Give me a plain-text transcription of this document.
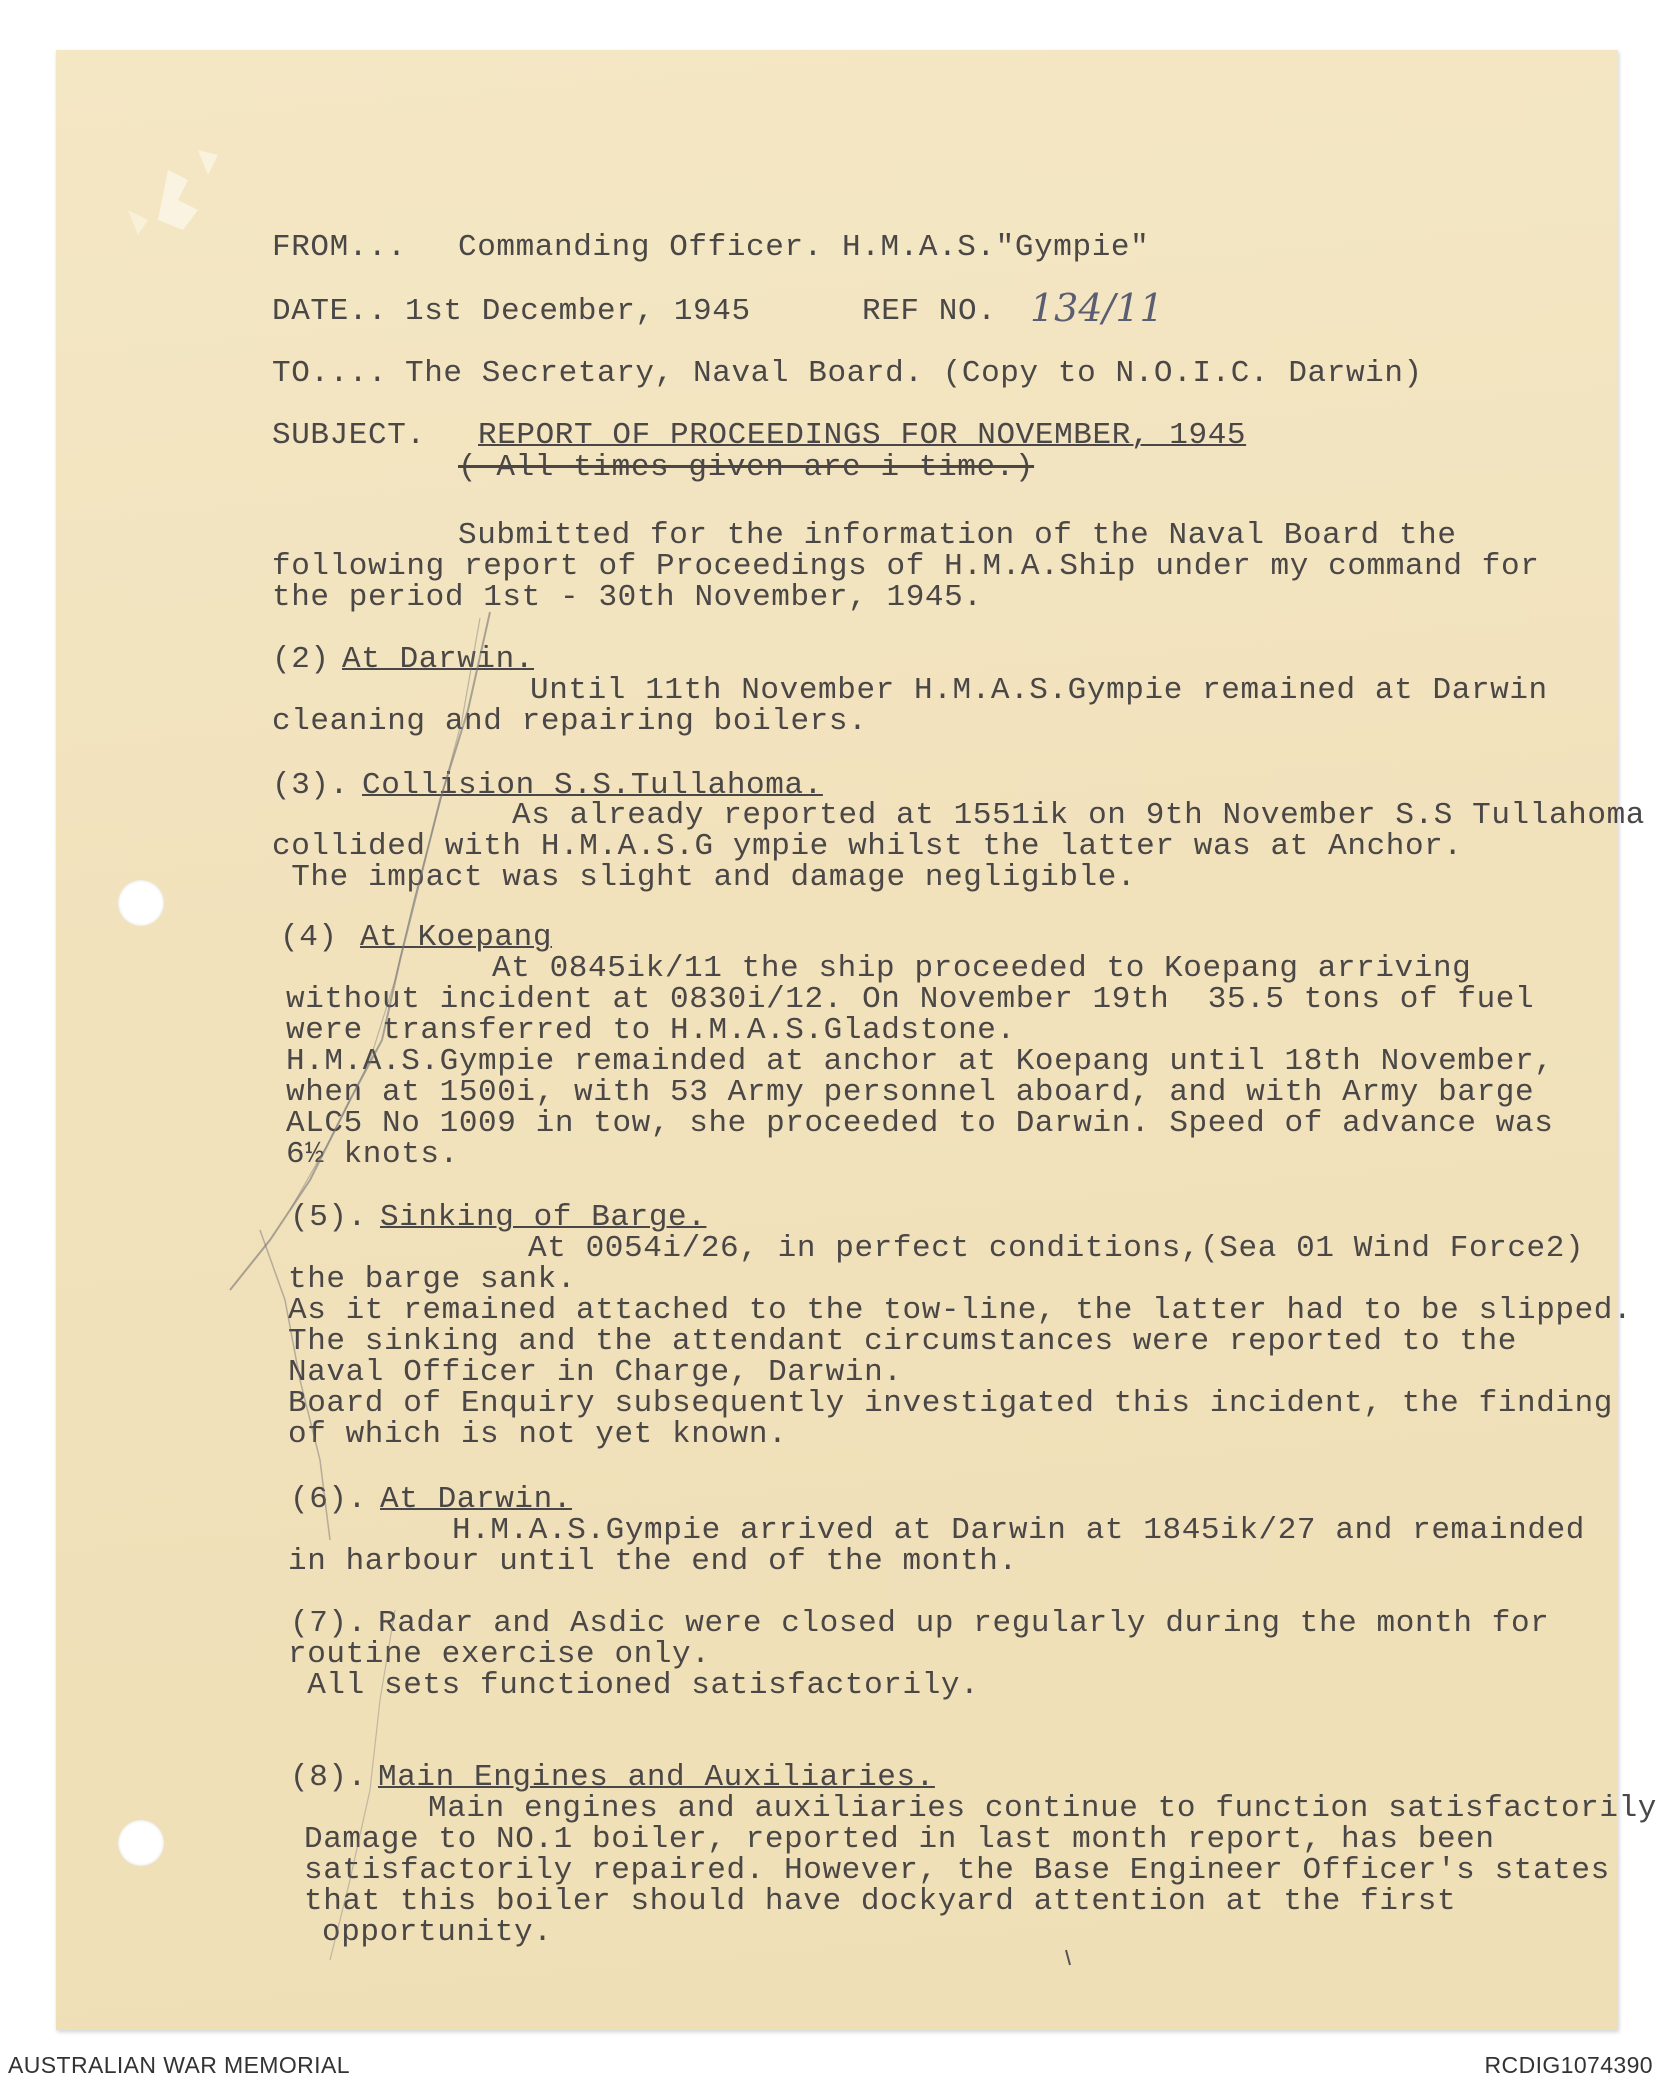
FROM... Commanding Officer. H.M.A.S."Gympie"
DATE.. 1st December, 1945	REF NO. 134/11
TO.... The Secretary, Naval Board. (Copy to N.O.I.C. Darwin)
SUBJECT. REPORT OF PROCEEDINGS FOR NOVEMBER, 1945
( All times given are i time.)
Submitted for the information of the Naval Board the
following report of Proceedings of H.M.A.Ship under my command for
the period 1st - 30th November, 1945.
(2) At Darwin.
Until 11th November H.M.A.S.Gympie remained at Darwin
cleaning and repairing boilers.
(3). Collision S.S.Tullahoma.
As already reported at 1551ik on 9th November S.S Tullahoma
collided with H.M.A.S.G ympie whilst the latter was at Anchor.
The impact was slight and damage negligible.
(4) At Koepang
At 0845ik/11 the ship proceeded to Koepang arriving
without incident at 0830i/12. On November 19th  35.5 tons of fuel
were transferred to H.M.A.S.Gladstone.
H.M.A.S.Gympie remainded at anchor at Koepang until 18th November,
when at 1500i, with 53 Army personnel aboard, and with Army barge
ALC5 No 1009 in tow, she proceeded to Darwin. Speed of advance was
6½ knots.
(5). Sinking of Barge.
At 0054i/26, in perfect conditions,(Sea 01 Wind Force2)
the barge sank.
As it remained attached to the tow-line, the latter had to be slipped.
The sinking and the attendant circumstances were reported to the
Naval Officer in Charge, Darwin.
Board of Enquiry subsequently investigated this incident, the finding
of which is not yet known.
(6). At Darwin.
H.M.A.S.Gympie arrived at Darwin at 1845ik/27 and remainded
in harbour until the end of the month.
(7). Radar and Asdic were closed up regularly during the month for
routine exercise only.
All sets functioned satisfactorily.
(8). Main Engines and Auxiliaries.
Main engines and auxiliaries continue to function satisfactorily
Damage to NO.1 boiler, reported in last month report, has been
satisfactorily repaired. However, the Base Engineer Officer's states
that this boiler should have dockyard attention at the first
opportunity.
AUSTRALIAN WAR MEMORIAL	RCDIG1074390
